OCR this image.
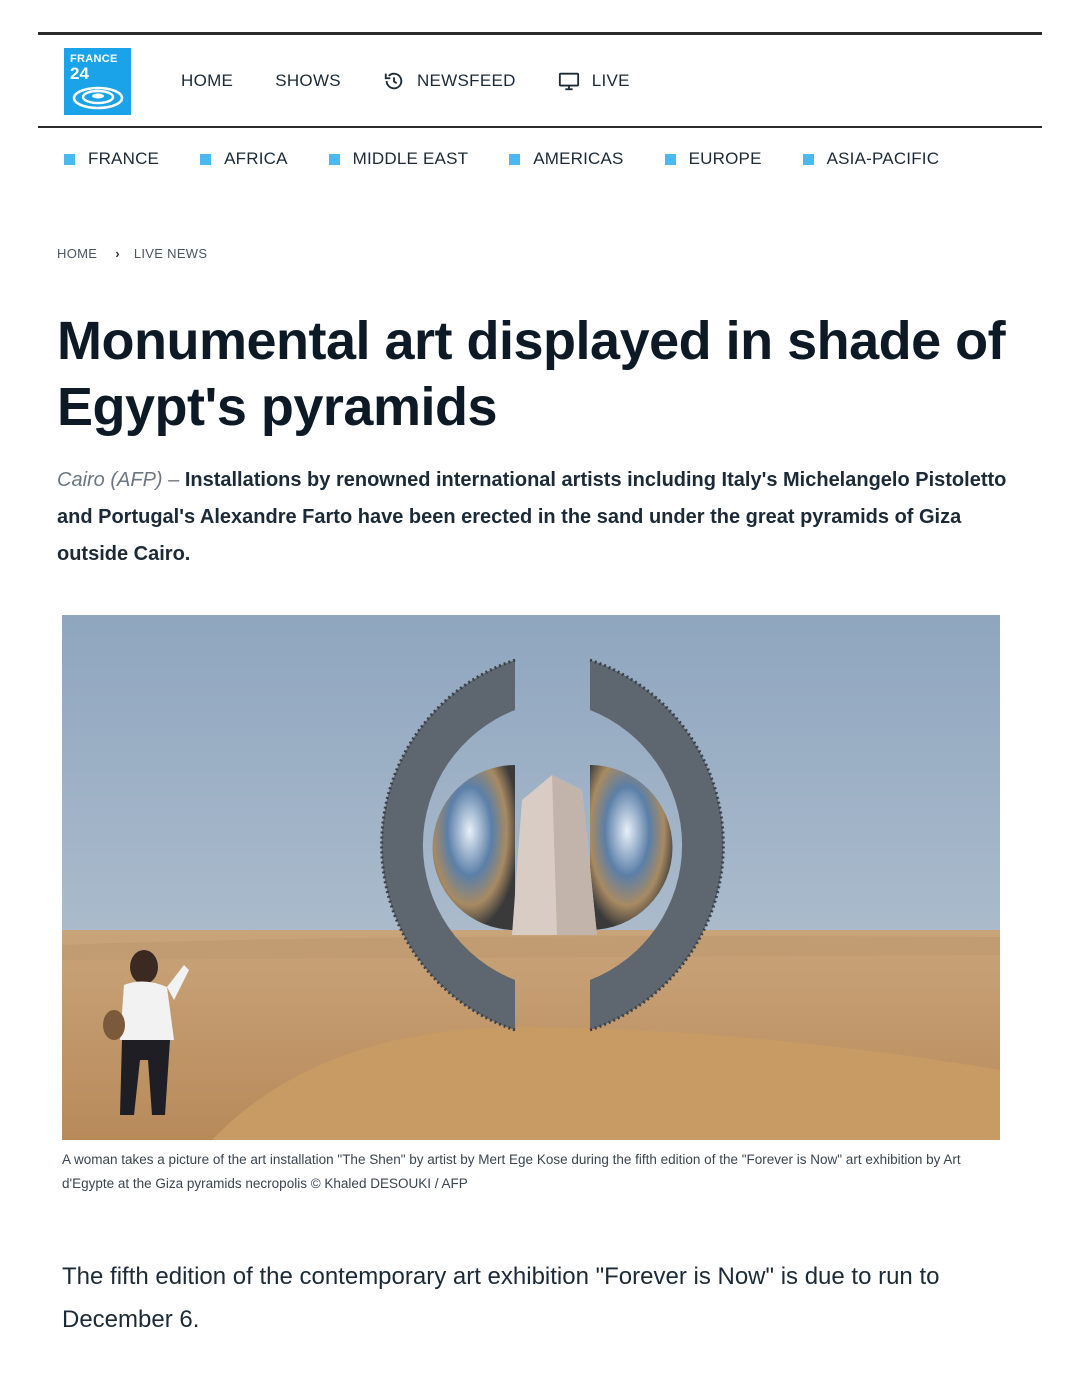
FRANCE
24	HOME SHOWS	NEWSFEED	LIVE
FRANCE	AFRICA	MIDDLE EAST	AMERICAS	EUROPE	ASIA-PACIFIC
HOME › LIVE NEWS
Monumental art displayed in shade of Egypt's pyramids

Cairo (AFP) – Installations by renowned international artists including Italy's Michelangelo Pistoletto and Portugal's Alexandre Farto have been erected in the sand under the great pyramids of Giza outside Cairo.

A woman takes a picture of the art installation "The Shen" by artist by Mert Ege Kose during the fifth edition of the "Forever is Now" art exhibition by Art d'Egypte at the Giza pyramids necropolis © Khaled DESOUKI / AFP

The fifth edition of the contemporary art exhibition "Forever is Now" is due to run to December 6.
